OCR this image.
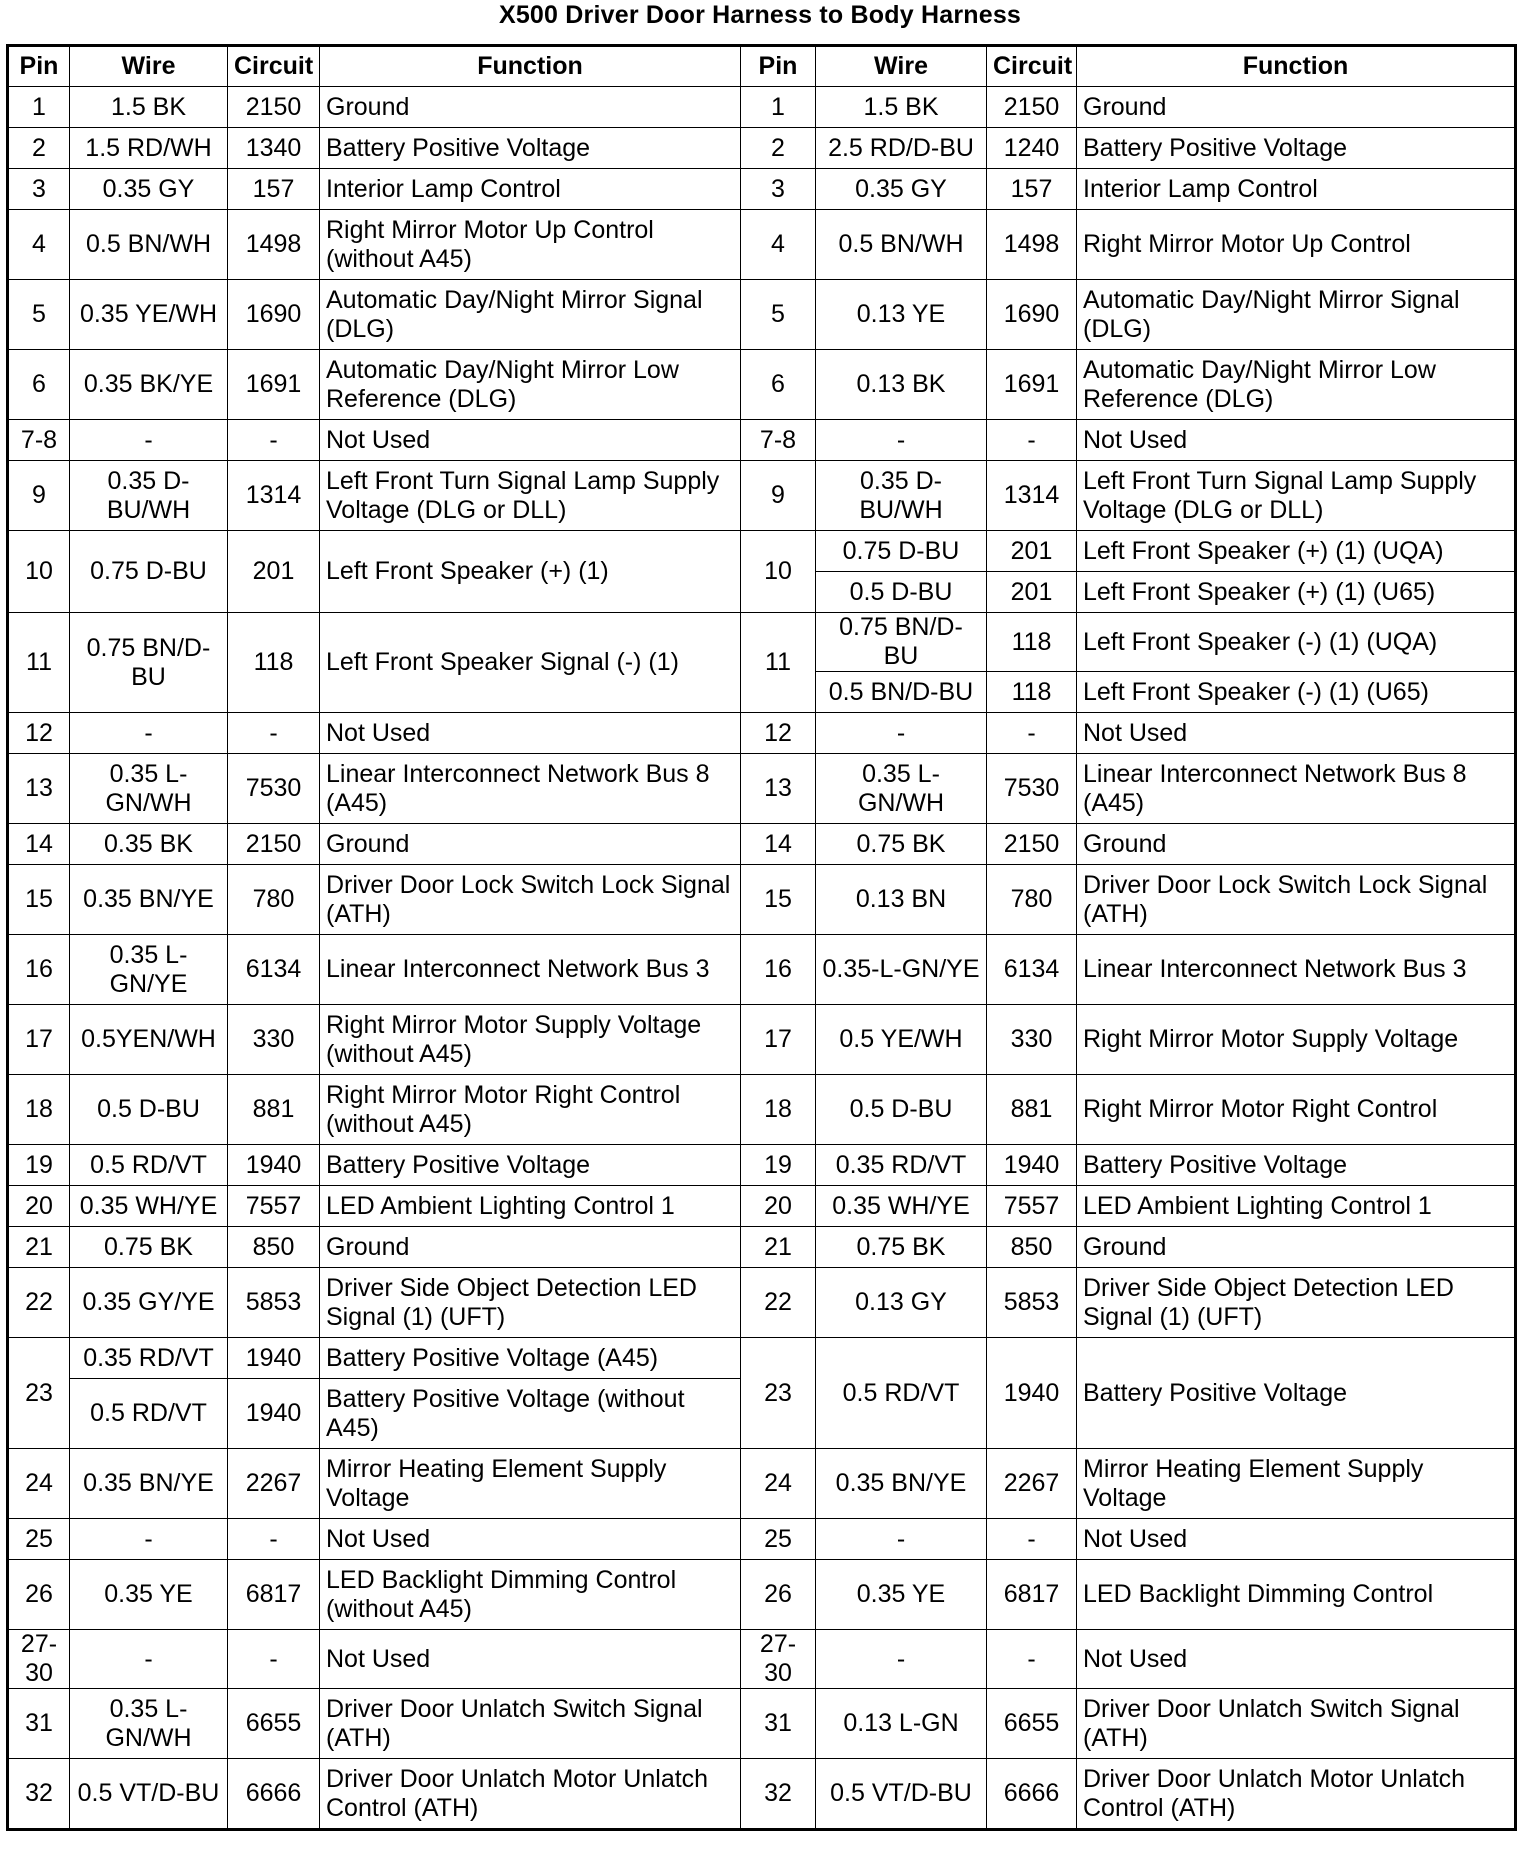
X500 Driver Door Harness to Body Harness
Pin	Wire	Circuit	Function	Pin	Wire	Circuit	Function
1	1.5 BK	2150	Ground	1	1.5 BK	2150	Ground
2	1.5 RD/WH	1340	Battery Positive Voltage	2	2.5 RD/D-BU	1240	Battery Positive Voltage
3	0.35 GY	157	Interior Lamp Control	3	0.35 GY	157	Interior Lamp Control
4	0.5 BN/WH	1498	Right Mirror Motor Up Control (without A45)	4	0.5 BN/WH	1498	Right Mirror Motor Up Control
5	0.35 YE/WH	1690	Automatic Day/Night Mirror Signal (DLG)	5	0.13 YE	1690	Automatic Day/Night Mirror Signal (DLG)
6	0.35 BK/YE	1691	Automatic Day/Night Mirror Low Reference (DLG)	6	0.13 BK	1691	Automatic Day/Night Mirror Low Reference (DLG)
7-8	-	-	Not Used	7-8	-	-	Not Used
9	0.35 D-BU/WH	1314	Left Front Turn Signal Lamp Supply Voltage (DLG or DLL)	9	0.35 D-BU/WH	1314	Left Front Turn Signal Lamp Supply Voltage (DLG or DLL)
10	0.75 D-BU	201	Left Front Speaker (+) (1)	10	0.75 D-BU	201	Left Front Speaker (+) (1) (UQA)
					0.5 D-BU	201	Left Front Speaker (+) (1) (U65)
11	0.75 BN/D-BU	118	Left Front Speaker Signal (-) (1)	11	0.75 BN/D-BU	118	Left Front Speaker (-) (1) (UQA)
					0.5 BN/D-BU	118	Left Front Speaker (-) (1) (U65)
12	-	-	Not Used	12	-	-	Not Used
13	0.35 L-GN/WH	7530	Linear Interconnect Network Bus 8 (A45)	13	0.35 L-GN/WH	7530	Linear Interconnect Network Bus 8 (A45)
14	0.35 BK	2150	Ground	14	0.75 BK	2150	Ground
15	0.35 BN/YE	780	Driver Door Lock Switch Lock Signal (ATH)	15	0.13 BN	780	Driver Door Lock Switch Lock Signal (ATH)
16	0.35 L-GN/YE	6134	Linear Interconnect Network Bus 3	16	0.35-L-GN/YE	6134	Linear Interconnect Network Bus 3
17	0.5YEN/WH	330	Right Mirror Motor Supply Voltage (without A45)	17	0.5 YE/WH	330	Right Mirror Motor Supply Voltage
18	0.5 D-BU	881	Right Mirror Motor Right Control (without A45)	18	0.5 D-BU	881	Right Mirror Motor Right Control
19	0.5 RD/VT	1940	Battery Positive Voltage	19	0.35 RD/VT	1940	Battery Positive Voltage
20	0.35 WH/YE	7557	LED Ambient Lighting Control 1	20	0.35 WH/YE	7557	LED Ambient Lighting Control 1
21	0.75 BK	850	Ground	21	0.75 BK	850	Ground
22	0.35 GY/YE	5853	Driver Side Object Detection LED Signal (1) (UFT)	22	0.13 GY	5853	Driver Side Object Detection LED Signal (1) (UFT)
23	0.35 RD/VT	1940	Battery Positive Voltage (A45)	23	0.5 RD/VT	1940	Battery Positive Voltage
	0.5 RD/VT	1940	Battery Positive Voltage (without A45)				
24	0.35 BN/YE	2267	Mirror Heating Element Supply Voltage	24	0.35 BN/YE	2267	Mirror Heating Element Supply Voltage
25	-	-	Not Used	25	-	-	Not Used
26	0.35 YE	6817	LED Backlight Dimming Control (without A45)	26	0.35 YE	6817	LED Backlight Dimming Control
27-30	-	-	Not Used	27-30	-	-	Not Used
31	0.35 L-GN/WH	6655	Driver Door Unlatch Switch Signal (ATH)	31	0.13 L-GN	6655	Driver Door Unlatch Switch Signal (ATH)
32	0.5 VT/D-BU	6666	Driver Door Unlatch Motor Unlatch Control (ATH)	32	0.5 VT/D-BU	6666	Driver Door Unlatch Motor Unlatch Control (ATH)
